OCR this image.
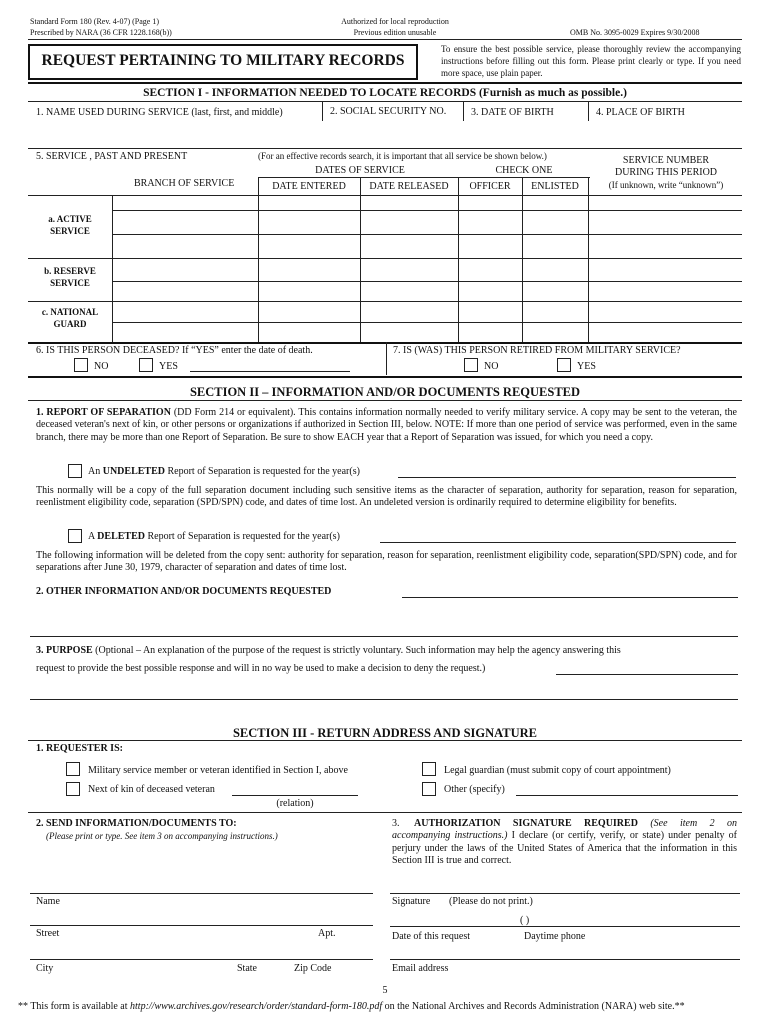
Standard Form 180 (Rev. 4-07) (Page 1)
Prescribed by NARA (36 CFR 1228.168(b))
Authorized for local reproduction
Previous edition unusable	OMB No. 3095-0029 Expires 9/30/2008
REQUEST PERTAINING TO MILITARY RECORDS
To ensure the best possible service, please thoroughly review the accompanying instructions before filling out this form. Please print clearly or type. If you need more space, use plain paper.
SECTION I - INFORMATION NEEDED TO LOCATE RECORDS (Furnish as much as possible.)
1. NAME USED DURING SERVICE (last, first, and middle)	2. SOCIAL SECURITY NO. 3. DATE OF BIRTH	4. PLACE OF BIRTH
5. SERVICE , PAST AND PRESENT	(For an effective records search, it is important that all service be shown below.)
DATES OF SERVICE	CHECK ONE
BRANCH OF SERVICE
SERVICE NUMBER
DURING THIS PERIOD
(If unknown, write “unknown”)
DATE ENTERED	DATE RELEASED	OFFICER	ENLISTED
a. ACTIVE
SERVICE
b. RESERVE
SERVICE
c. NATIONAL
GUARD
6. IS THIS PERSON DECEASED? If “YES” enter the date of death.
NO	YES
7. IS (WAS) THIS PERSON RETIRED FROM MILITARY SERVICE?
NO	YES
SECTION II – INFORMATION AND/OR DOCUMENTS REQUESTED
1. REPORT OF SEPARATION (DD Form 214 or equivalent). This contains information normally needed to verify military service. A copy may be sent to the veteran, the deceased veteran's next of kin, or other persons or organizations if authorized in Section III, below. NOTE: If more than one period of service was performed, even in the same branch, there may be more than one Report of Separation. Be sure to show EACH year that a Report of Separation was issued, for which you need a copy.
An UNDELETED Report of Separation is requested for the year(s)
This normally will be a copy of the full separation document including such sensitive items as the character of separation, authority for separation, reason for separation, reenlistment eligibility code, separation (SPD/SPN) code, and dates of time lost. An undeleted version is ordinarily required to determine eligibility for benefits.
A DELETED Report of Separation is requested for the year(s)
The following information will be deleted from the copy sent: authority for separation, reason for separation, reenlistment eligibility code, separation(SPD/SPN) code, and for separations after June 30, 1979, character of separation and dates of time lost.
2. OTHER INFORMATION AND/OR DOCUMENTS REQUESTED
3. PURPOSE (Optional – An explanation of the purpose of the request is strictly voluntary. Such information may help the agency answering this
request to provide the best possible response and will in no way be used to make a decision to deny the request.)
SECTION III - RETURN ADDRESS AND SIGNATURE
1. REQUESTER IS:
Military service member or veteran identified in Section I, above
Next of kin of deceased veteran
(relation)
Legal guardian (must submit copy of court appointment)
Other (specify)
2. SEND INFORMATION/DOCUMENTS TO:
(Please print or type. See item 3 on accompanying instructions.)
3.	AUTHORIZATION SIGNATURE REQUIRED (See item 2 on accompanying instructions.) I declare (or certify, verify, or state) under penalty of perjury under the laws of the United States of America that the information in this Section III is true and correct.
Name
Street	Apt.
City	State	Zip Code
Signature (Please do not print.)
( )
Date of this request	Daytime phone
Email address
5
** This form is available at http://www.archives.gov/research/order/standard-form-180.pdf on the National Archives and Records Administration (NARA) web site.**
